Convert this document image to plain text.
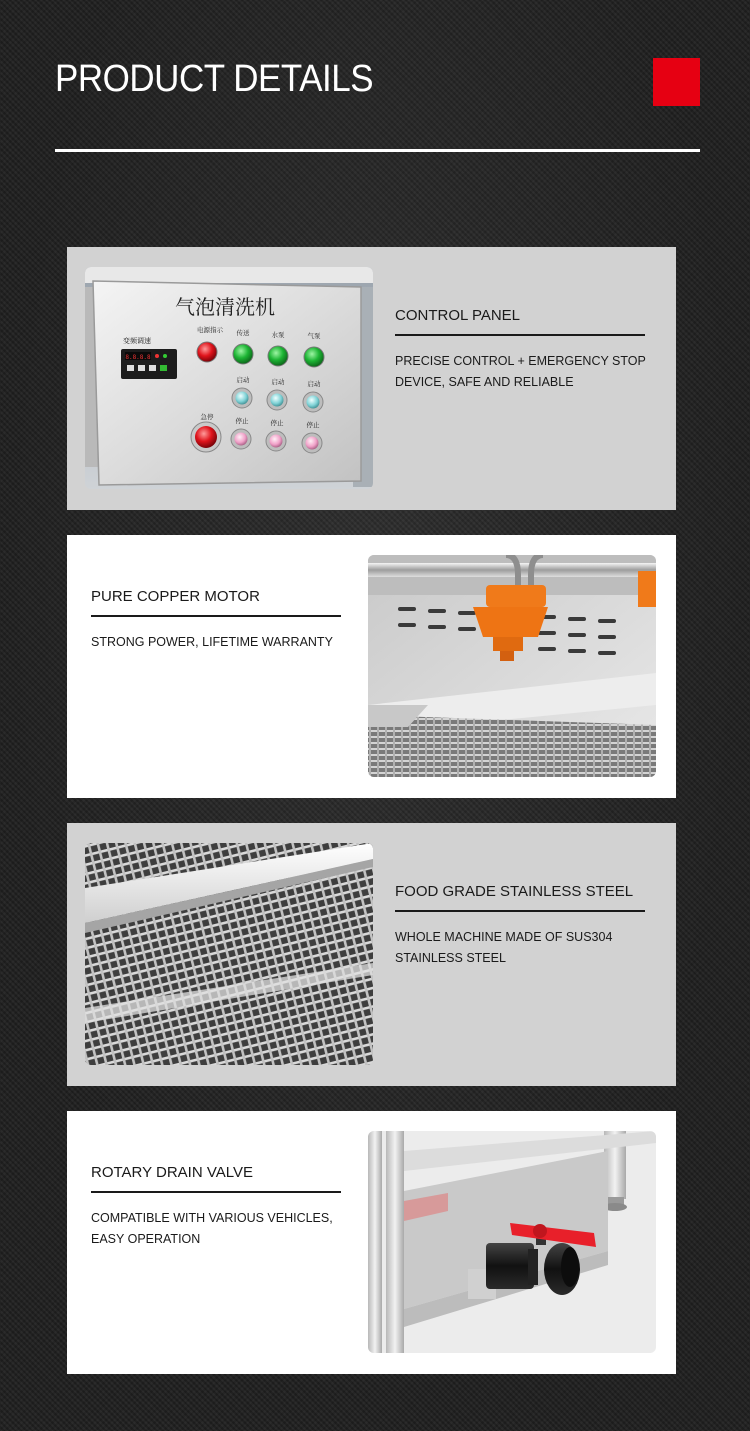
PRODUCT DETAILS
气泡清洗机
变频调速
8.8.8.8
电源指示 传送	水泵	气泵
启动	启动	启动
急停
停止	停止	停止
CONTROL PANEL
PRECISE CONTROL + EMERGENCY STOP
DEVICE, SAFE AND RELIABLE
PURE COPPER MOTOR
STRONG POWER, LIFETIME WARRANTY
FOOD GRADE STAINLESS STEEL
WHOLE MACHINE MADE OF SUS304
STAINLESS STEEL
ROTARY DRAIN VALVE
COMPATIBLE WITH VARIOUS VEHICLES,
EASY OPERATION
